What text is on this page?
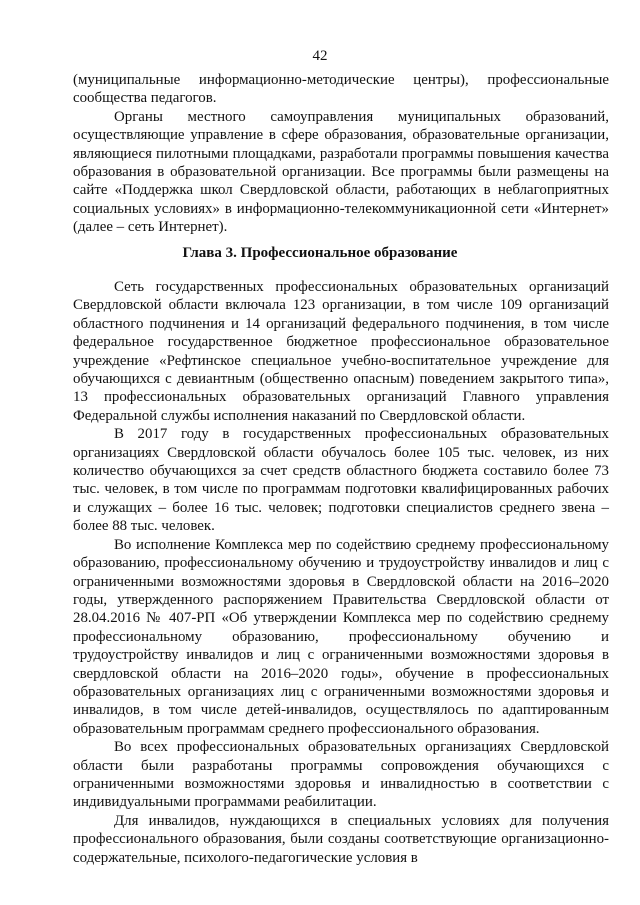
42

(муниципальные информационно-методические центры), профессиональные сообщества педагогов.

Органы местного самоуправления муниципальных образований, осуществляющие управление в сфере образования, образовательные организации, являющиеся пилотными площадками, разработали программы повышения качества образования в образовательной организации. Все программы были размещены на сайте «Поддержка школ Свердловской области, работающих в неблагоприятных социальных условиях» в информационно-телекоммуникационной сети «Интернет» (далее – сеть Интернет).

Глава 3. Профессиональное образование

Сеть государственных профессиональных образовательных организаций Свердловской области включала 123 организации, в том числе 109 организаций областного подчинения и 14 организаций федерального подчинения, в том числе федеральное государственное бюджетное профессиональное образовательное учреждение «Рефтинское специальное учебно-воспитательное учреждение для обучающихся с девиантным (общественно опасным) поведением закрытого типа», 13 профессиональных образовательных организаций Главного управления Федеральной службы исполнения наказаний по Свердловской области.

В 2017 году в государственных профессиональных образовательных организациях Свердловской области обучалось более 105 тыс. человек, из них количество обучающихся за счет средств областного бюджета составило более 73 тыс. человек, в том числе по программам подготовки квалифицированных рабочих и служащих – более 16 тыс. человек; подготовки специалистов среднего звена – более 88 тыс. человек.

Во исполнение Комплекса мер по содействию среднему профессиональному образованию, профессиональному обучению и трудоустройству инвалидов и лиц с ограниченными возможностями здоровья в Свердловской области на 2016–2020 годы, утвержденного распоряжением Правительства Свердловской области от 28.04.2016 № 407-РП «Об утверждении Комплекса мер по содействию среднему профессиональному образованию, профессиональному обучению и трудоустройству инвалидов и лиц с ограниченными возможностями здоровья в свердловской области на 2016–2020 годы», обучение в профессиональных образовательных организациях лиц с ограниченными возможностями здоровья и инвалидов, в том числе детей-инвалидов, осуществлялось по адаптированным образовательным программам среднего профессионального образования.

Во всех профессиональных образовательных организациях Свердловской области были разработаны программы сопровождения обучающихся с ограниченными возможностями здоровья и инвалидностью в соответствии с индивидуальными программами реабилитации.

Для инвалидов, нуждающихся в специальных условиях для получения профессионального образования, были созданы соответствующие организационно-содержательные, психолого-педагогические условия в
